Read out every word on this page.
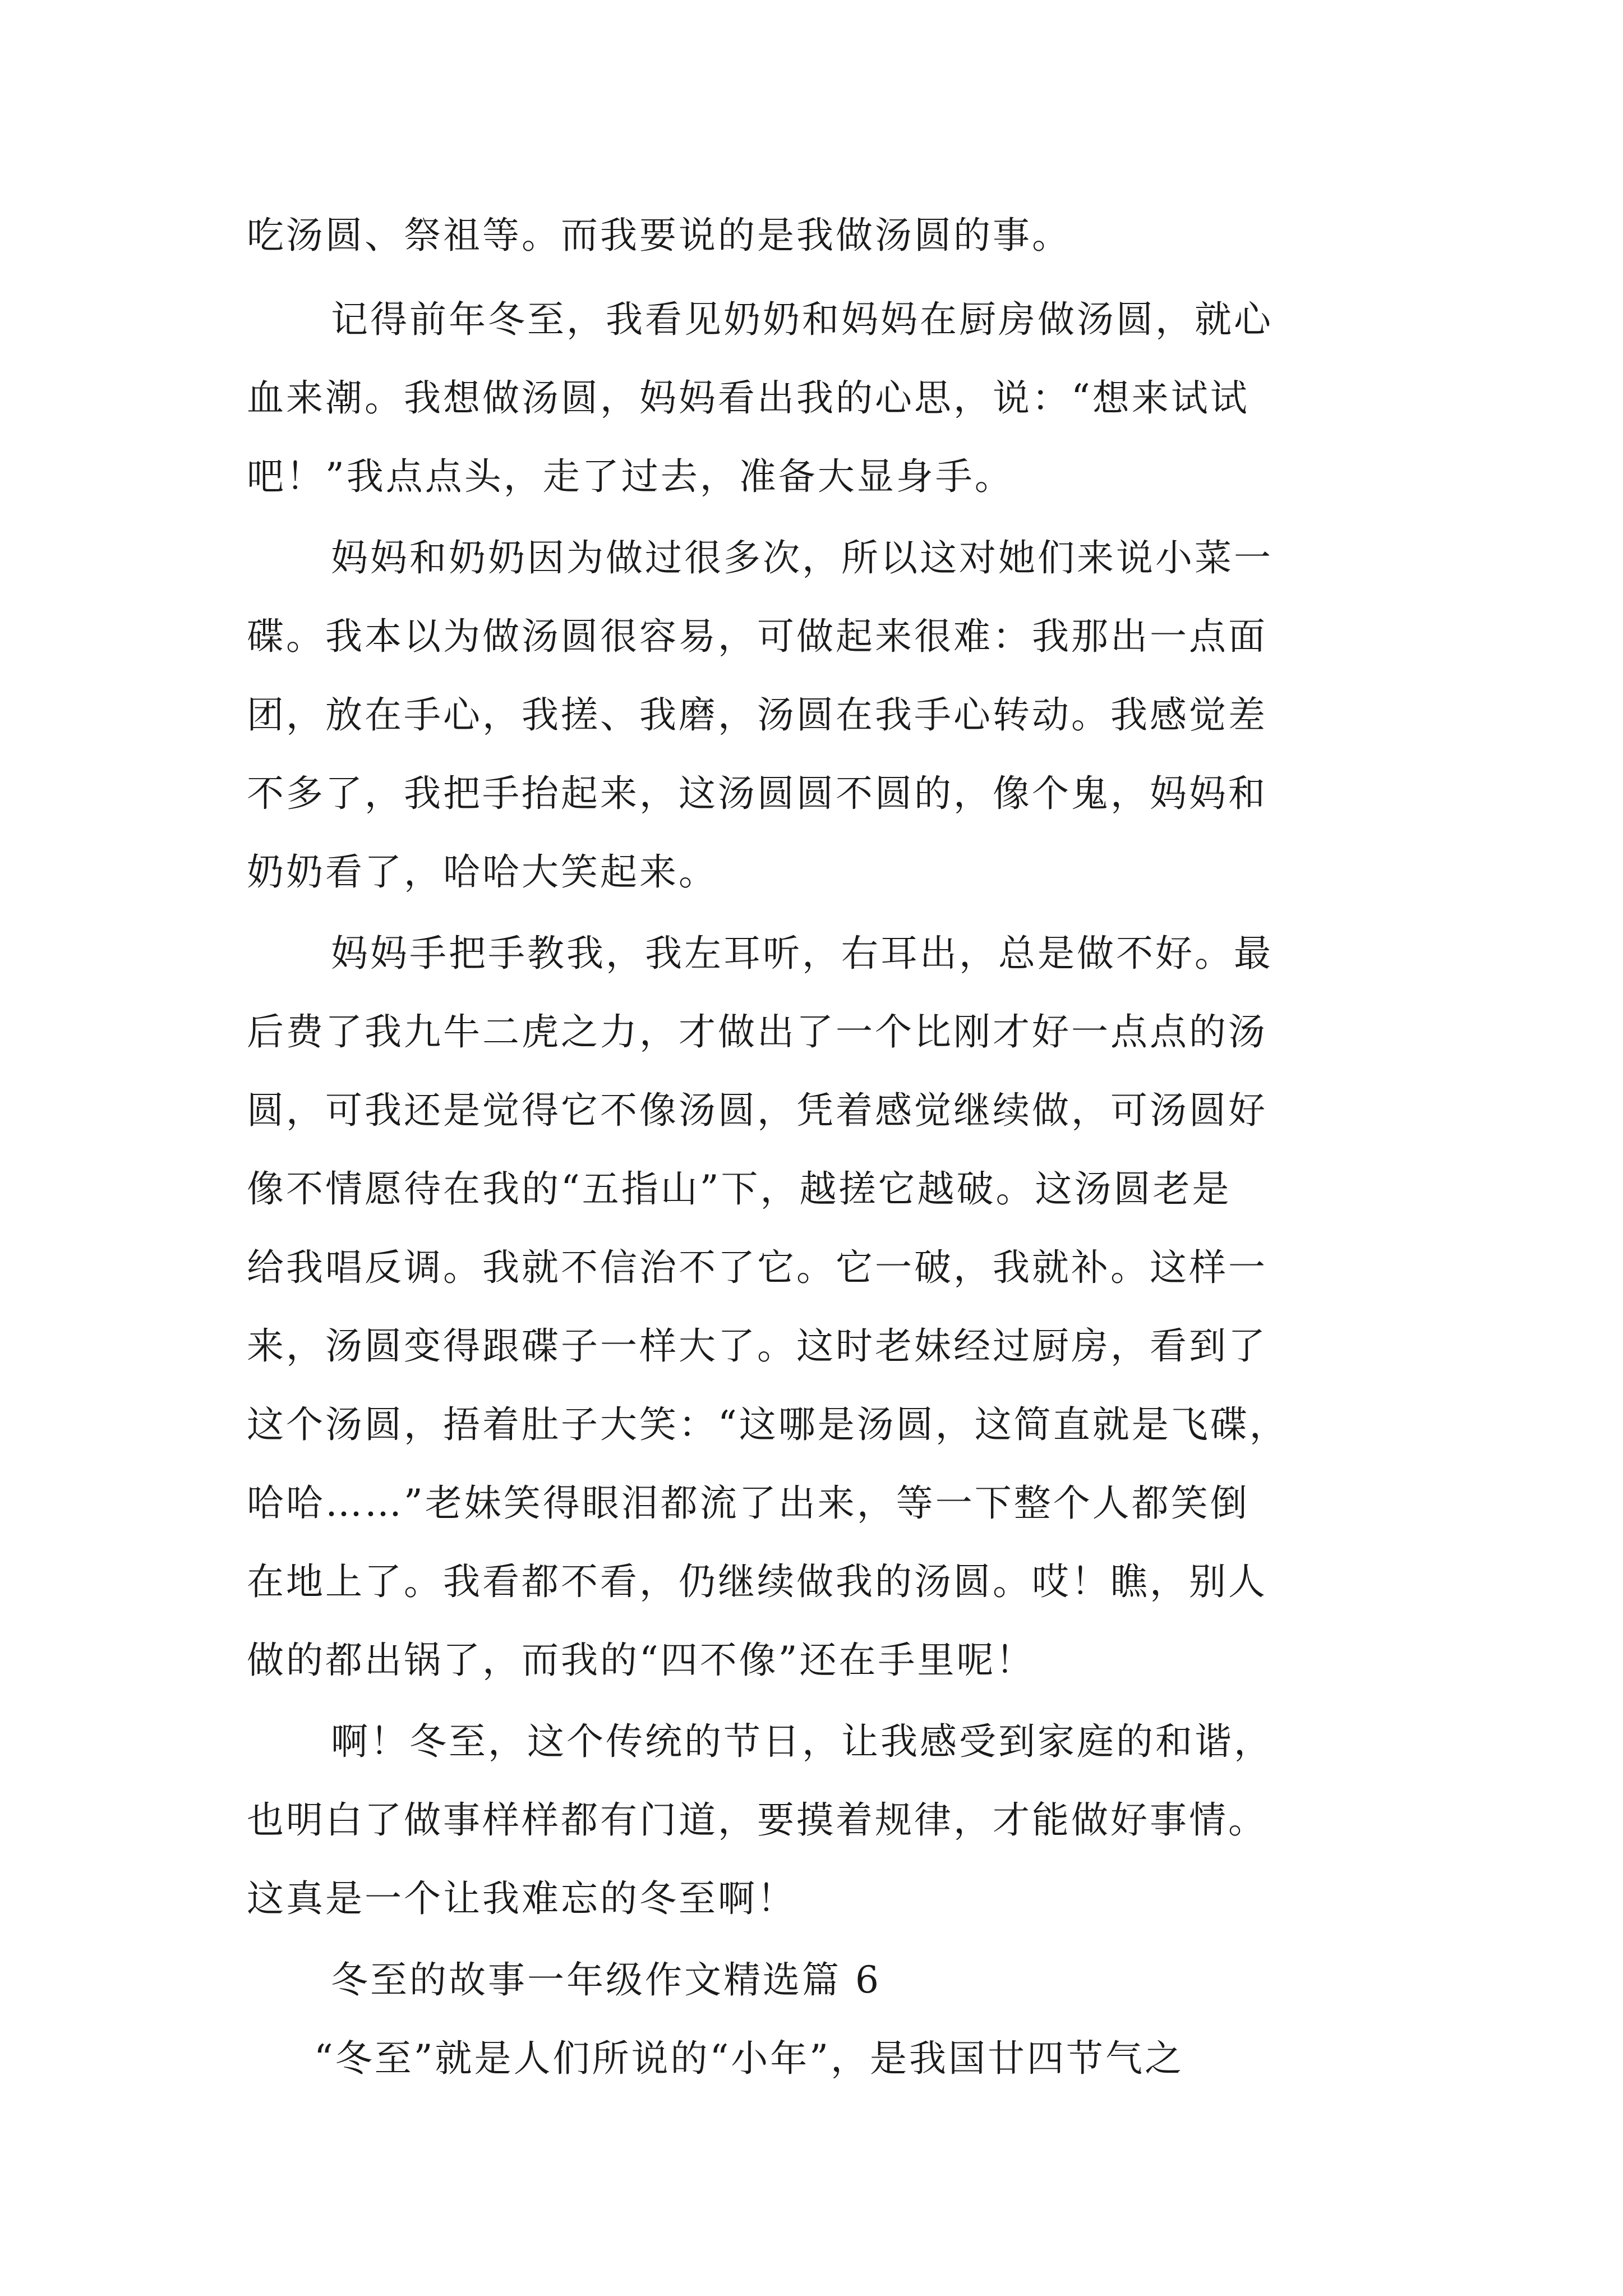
吃汤圆、祭祖等。而我要说的是我做汤圆的事。
记得前年冬至，我看见奶奶和妈妈在厨房做汤圆，就心
血来潮。我想做汤圆，妈妈看出我的心思，说：“想来试试
吧！”我点点头，走了过去，准备大显身手。
妈妈和奶奶因为做过很多次，所以这对她们来说小菜一
碟。我本以为做汤圆很容易，可做起来很难：我那出一点面
团，放在手心，我搓、我磨，汤圆在我手心转动。我感觉差
不多了，我把手抬起来，这汤圆圆不圆的，像个鬼，妈妈和
奶奶看了，哈哈大笑起来。
妈妈手把手教我，我左耳听，右耳出，总是做不好。最
后费了我九牛二虎之力，才做出了一个比刚才好一点点的汤
圆，可我还是觉得它不像汤圆，凭着感觉继续做，可汤圆好
像不情愿待在我的“五指山”下，越搓它越破。这汤圆老是
给我唱反调。我就不信治不了它。它一破，我就补。这样一
来，汤圆变得跟碟子一样大了。这时老妹经过厨房，看到了
这个汤圆，捂着肚子大笑：“这哪是汤圆，这简直就是飞碟，
哈哈……”老妹笑得眼泪都流了出来，等一下整个人都笑倒
在地上了。我看都不看，仍继续做我的汤圆。哎！瞧，别人
做的都出锅了，而我的“四不像”还在手里呢！
啊！冬至，这个传统的节日，让我感受到家庭的和谐，
也明白了做事样样都有门道，要摸着规律，才能做好事情。
这真是一个让我难忘的冬至啊！
冬至的故事一年级作文精选篇 6
“冬至”就是人们所说的“小年”，是我国廿四节气之
